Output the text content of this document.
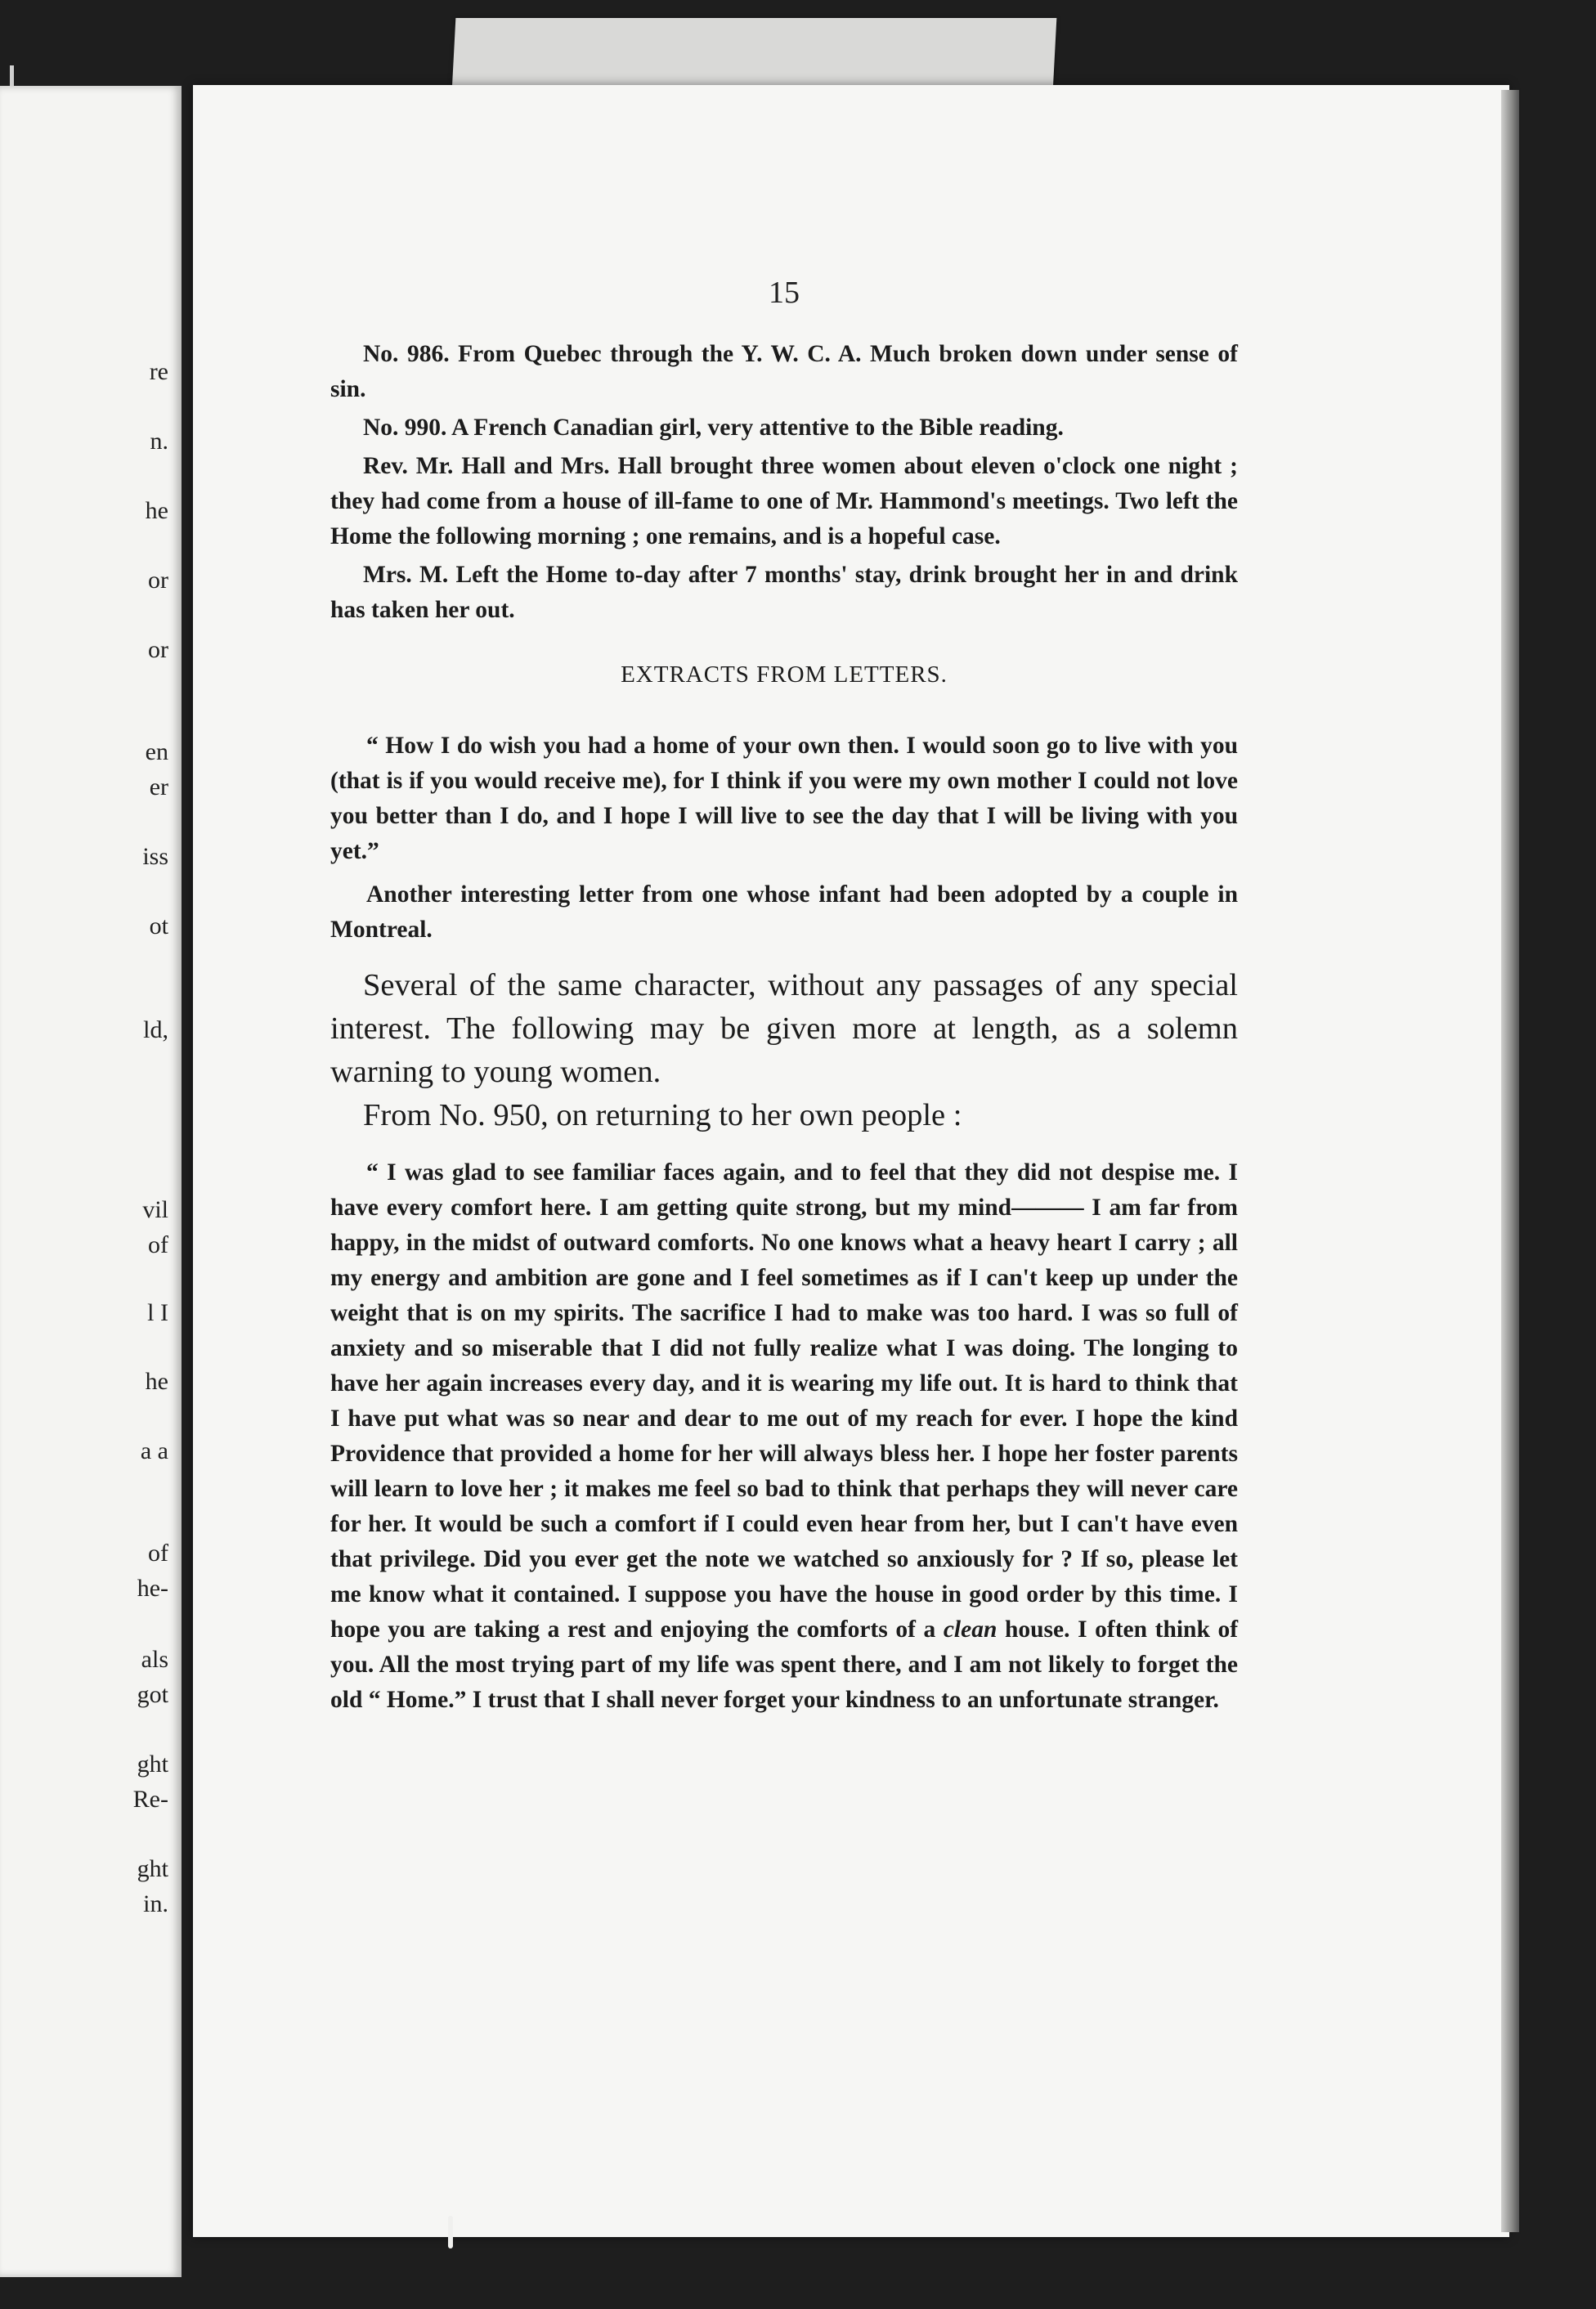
re
n.
he
or
or
en
er
iss
ot
ld,
vil
of
l I
he
a a
of
he-
als
got
ght
Re-
ght
in.
15

No. 986. From Quebec through the Y. W. C. A. Much broken down under sense of sin.

No. 990. A French Canadian girl, very attentive to the Bible reading.

Rev. Mr. Hall and Mrs. Hall brought three women about eleven o'clock one night ; they had come from a house of ill-fame to one of Mr. Hammond's meetings. Two left the Home the following morning ; one remains, and is a hopeful case.

Mrs. M. Left the Home to-day after 7 months' stay, drink brought her in and drink has taken her out.

EXTRACTS FROM LETTERS.

“ How I do wish you had a home of your own then. I would soon go to live with you (that is if you would receive me), for I think if you were my own mother I could not love you better than I do, and I hope I will live to see the day that I will be living with you yet.”

Another interesting letter from one whose infant had been adopted by a couple in Montreal.

Several of the same character, without any passages of any special interest. The following may be given more at length, as a solemn warning to young women.

From No. 950, on returning to her own people :

“ I was glad to see familiar faces again, and to feel that they did not despise me. I have every comfort here. I am getting quite strong, but my mind——— I am far from happy, in the midst of outward comforts. No one knows what a heavy heart I carry ; all my energy and ambition are gone and I feel sometimes as if I can't keep up under the weight that is on my spirits. The sacrifice I had to make was too hard. I was so full of anxiety and so miserable that I did not fully realize what I was doing. The longing to have her again increases every day, and it is wearing my life out. It is hard to think that I have put what was so near and dear to me out of my reach for ever. I hope the kind Providence that provided a home for her will always bless her. I hope her foster parents will learn to love her ; it makes me feel so bad to think that perhaps they will never care for her. It would be such a comfort if I could even hear from her, but I can't have even that privilege. Did you ever get the note we watched so anxiously for ? If so, please let me know what it contained. I suppose you have the house in good order by this time. I hope you are taking a rest and enjoying the comforts of a clean house. I often think of you. All the most trying part of my life was spent there, and I am not likely to forget the old “ Home.” I trust that I shall never forget your kindness to an unfortunate stranger.
